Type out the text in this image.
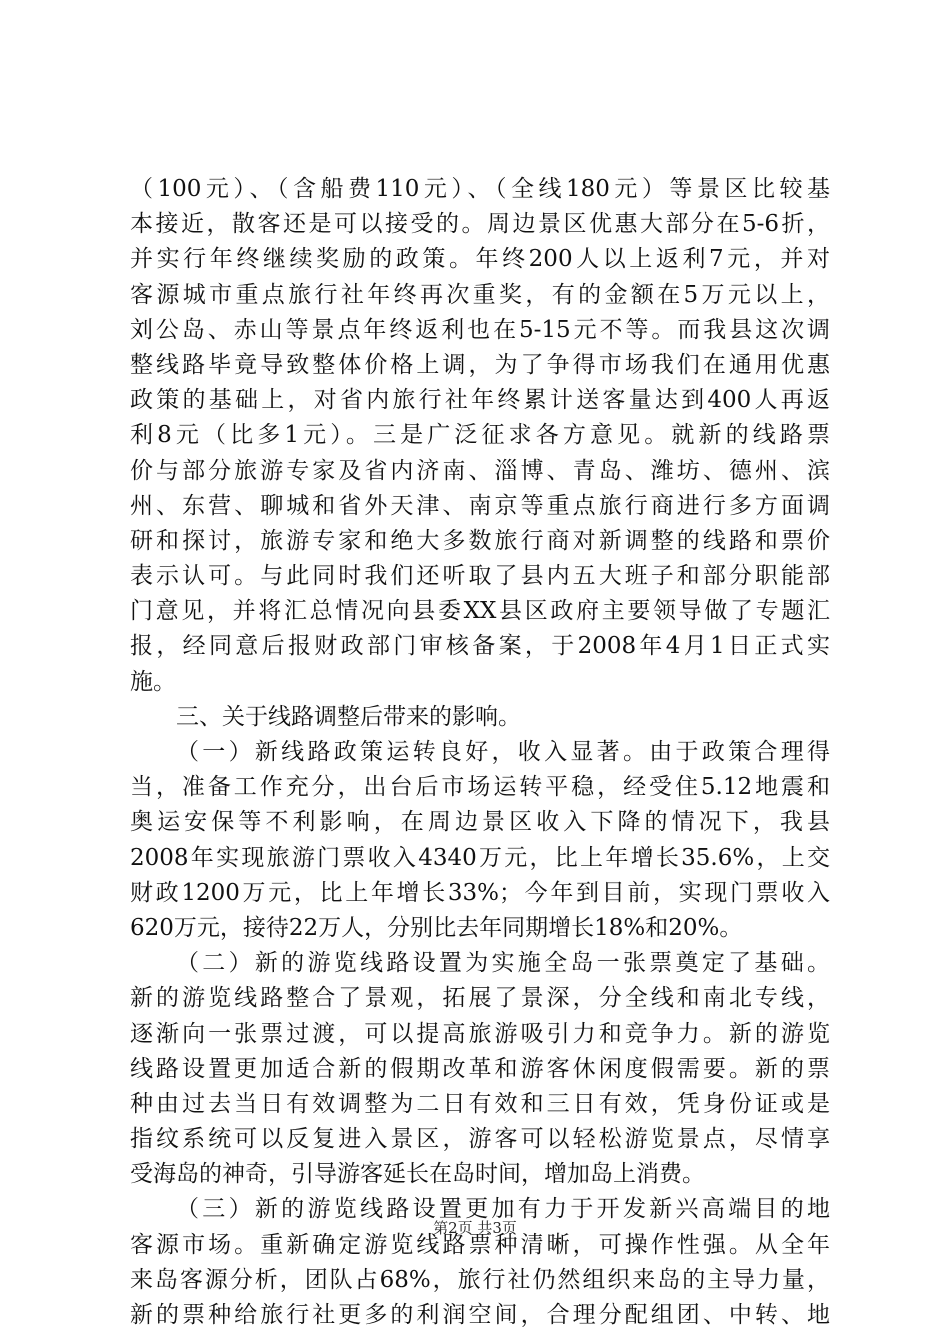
（100元）、（含船费110元）、（全线180元）等景区比较基
本接近，散客还是可以接受的。周边景区优惠大部分在5-6折，
并实行年终继续奖励的政策。年终200人以上返利7元，并对
客源城市重点旅行社年终再次重奖，有的金额在5万元以上，
刘公岛、赤山等景点年终返利也在5-15元不等。而我县这次调
整线路毕竟导致整体价格上调，为了争得市场我们在通用优惠
政策的基础上，对省内旅行社年终累计送客量达到400人再返
利8元（比多1元）。三是广泛征求各方意见。就新的线路票
价与部分旅游专家及省内济南、淄博、青岛、潍坊、德州、滨
州、东营、聊城和省外天津、南京等重点旅行商进行多方面调
研和探讨，旅游专家和绝大多数旅行商对新调整的线路和票价
表示认可。与此同时我们还听取了县内五大班子和部分职能部
门意见，并将汇总情况向县委XX县区政府主要领导做了专题汇
报，经同意后报财政部门审核备案，于2008年4月1日正式实
施。
三、关于线路调整后带来的影响。
（一）新线路政策运转良好，收入显著。由于政策合理得
当，准备工作充分，出台后市场运转平稳，经受住5.12地震和
奥运安保等不利影响，在周边景区收入下降的情况下，我县
2008年实现旅游门票收入4340万元，比上年增长35.6%，上交
财政1200万元，比上年增长33%；今年到目前，实现门票收入
620万元，接待22万人，分别比去年同期增长18%和20%。
（二）新的游览线路设置为实施全岛一张票奠定了基础。
新的游览线路整合了景观，拓展了景深，分全线和南北专线，
逐渐向一张票过渡，可以提高旅游吸引力和竞争力。新的游览
线路设置更加适合新的假期改革和游客休闲度假需要。新的票
种由过去当日有效调整为二日有效和三日有效，凭身份证或是
指纹系统可以反复进入景区，游客可以轻松游览景点，尽情享
受海岛的神奇，引导游客延长在岛时间，增加岛上消费。
（三）新的游览线路设置更加有力于开发新兴高端目的地
客源市场。重新确定游览线路票种清晰，可操作性强。从全年
来岛客源分析，团队占68%，旅行社仍然组织来岛的主导力量，
新的票种给旅行社更多的利润空间，合理分配组团、中转、地
第2页 共3页
